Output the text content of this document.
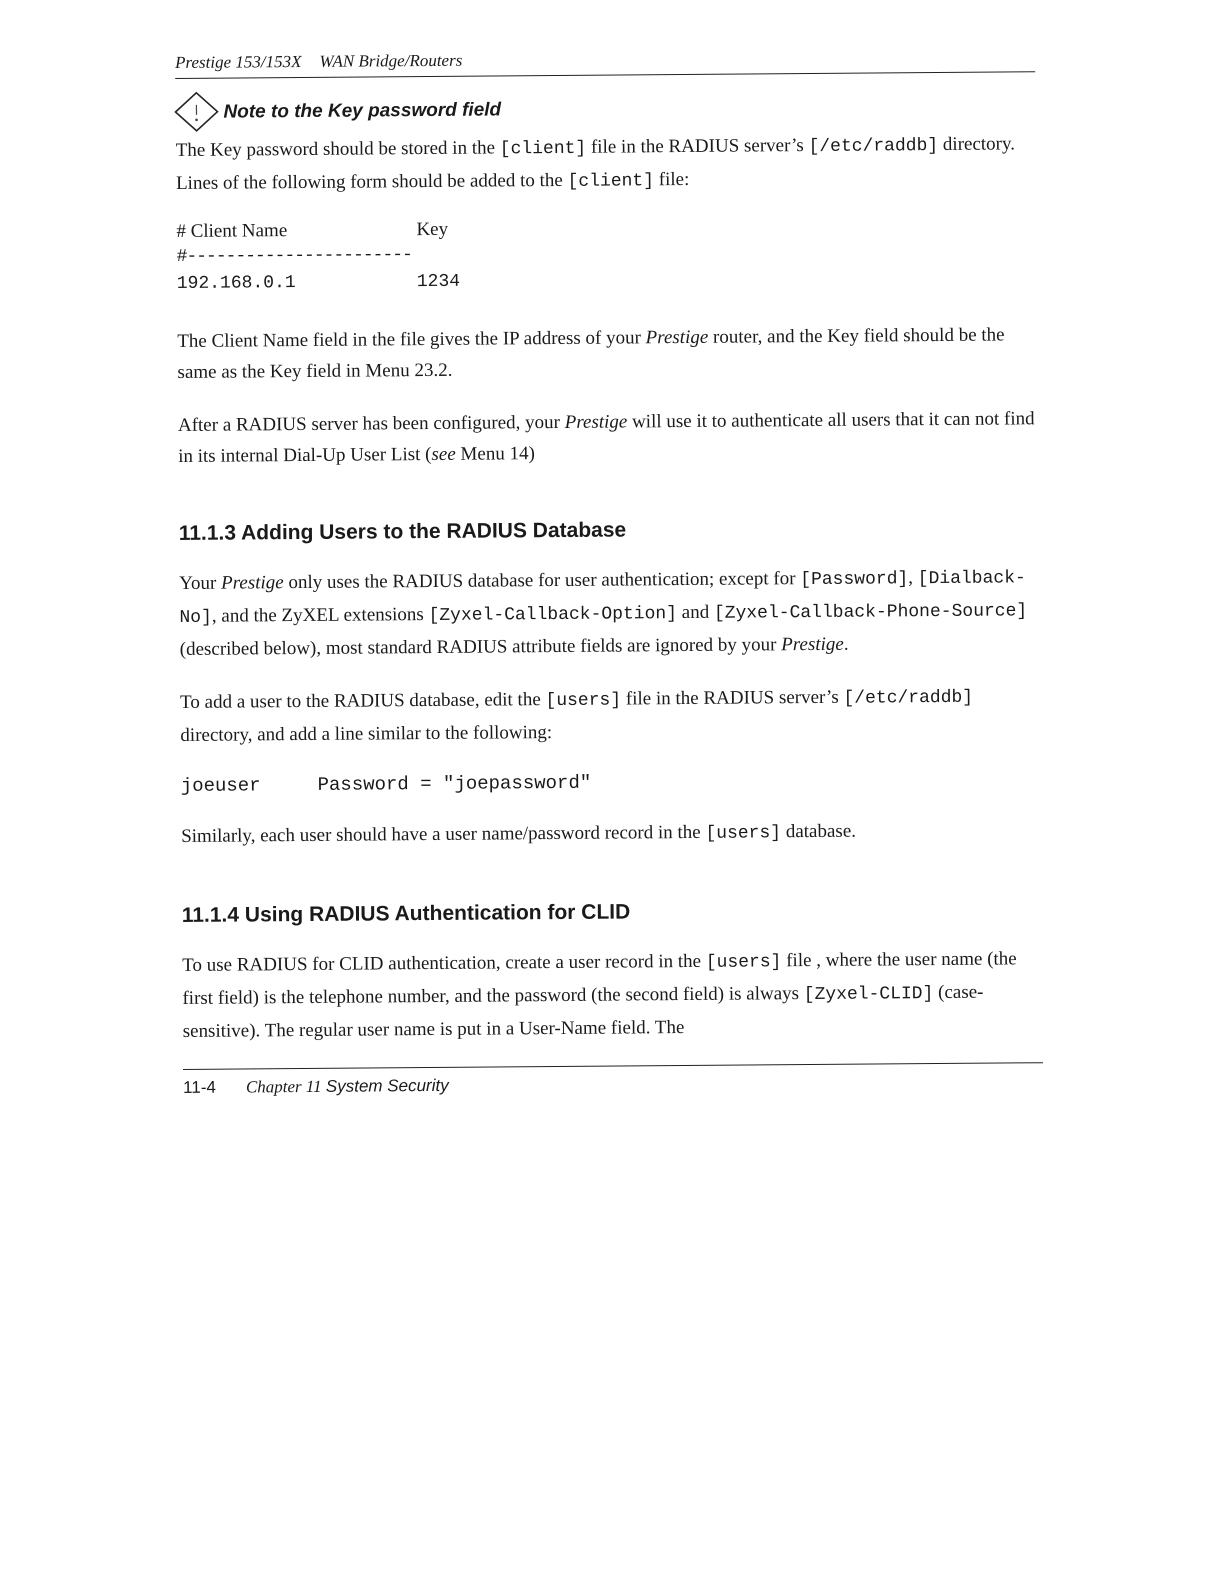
Prestige 153/153X WAN Bridge/Routers
Note to the Key password field

The Key password should be stored in the [client] file in the RADIUS server’s [/etc/raddb] directory. Lines of the following form should be added to the [client] file:

# Client Name	Key
#-----------------------
192.168.0.1	1234

The Client Name field in the file gives the IP address of your Prestige router, and the Key field should be the same as the Key field in Menu 23.2.

After a RADIUS server has been configured, your Prestige will use it to authenticate all users that it can not find in its internal Dial-Up User List (see Menu 14)

11.1.3 Adding Users to the RADIUS Database

Your Prestige only uses the RADIUS database for user authentication; except for [Password], [Dialback-No], and the ZyXEL extensions [Zyxel-Callback-Option] and [Zyxel-Callback-Phone-Source] (described below), most standard RADIUS attribute fields are ignored by your Prestige.

To add a user to the RADIUS database, edit the [users] file in the RADIUS server’s [/etc/raddb] directory, and add a line similar to the following:

joeuser     Password = "joepassword"

Similarly, each user should have a user name/password record in the [users] database.

11.1.4 Using RADIUS Authentication for CLID

To use RADIUS for CLID authentication, create a user record in the [users] file , where the user name (the first field) is the telephone number, and the password (the second field) is always [Zyxel-CLID] (case-sensitive). The regular user name is put in a User-Name field. The

11-4 Chapter 11 System Security
